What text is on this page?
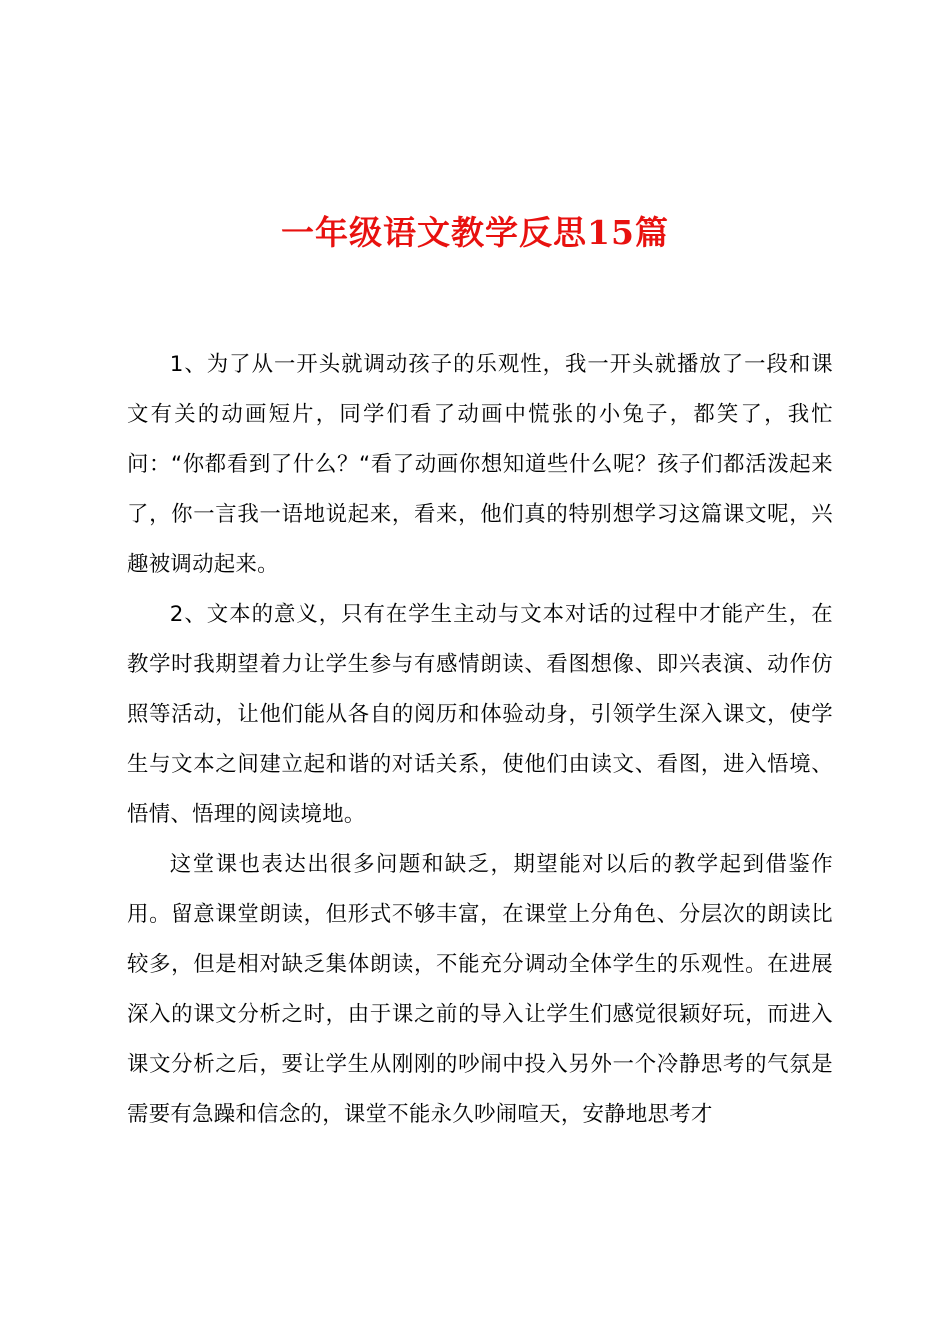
一年级语文教学反思15篇

1、为了从一开头就调动孩子的乐观性，我一开头就播放了一段和课文有关的动画短片，同学们看了动画中慌张的小兔子，都笑了，我忙问：“你都看到了什么？“看了动画你想知道些什么呢？孩子们都活泼起来了，你一言我一语地说起来，看来，他们真的特别想学习这篇课文呢，兴趣被调动起来。

2、文本的意义，只有在学生主动与文本对话的过程中才能产生，在教学时我期望着力让学生参与有感情朗读、看图想像、即兴表演、动作仿照等活动，让他们能从各自的阅历和体验动身，引领学生深入课文，使学生与文本之间建立起和谐的对话关系，使他们由读文、看图，进入悟境、悟情、悟理的阅读境地。

这堂课也表达出很多问题和缺乏，期望能对以后的教学起到借鉴作用。留意课堂朗读，但形式不够丰富，在课堂上分角色、分层次的朗读比较多，但是相对缺乏集体朗读，不能充分调动全体学生的乐观性。在进展深入的课文分析之时，由于课之前的导入让学生们感觉很颖好玩，而进入课文分析之后，要让学生从刚刚的吵闹中投入另外一个冷静思考的气氛是需要有急躁和信念的，课堂不能永久吵闹喧天，安静地思考才
